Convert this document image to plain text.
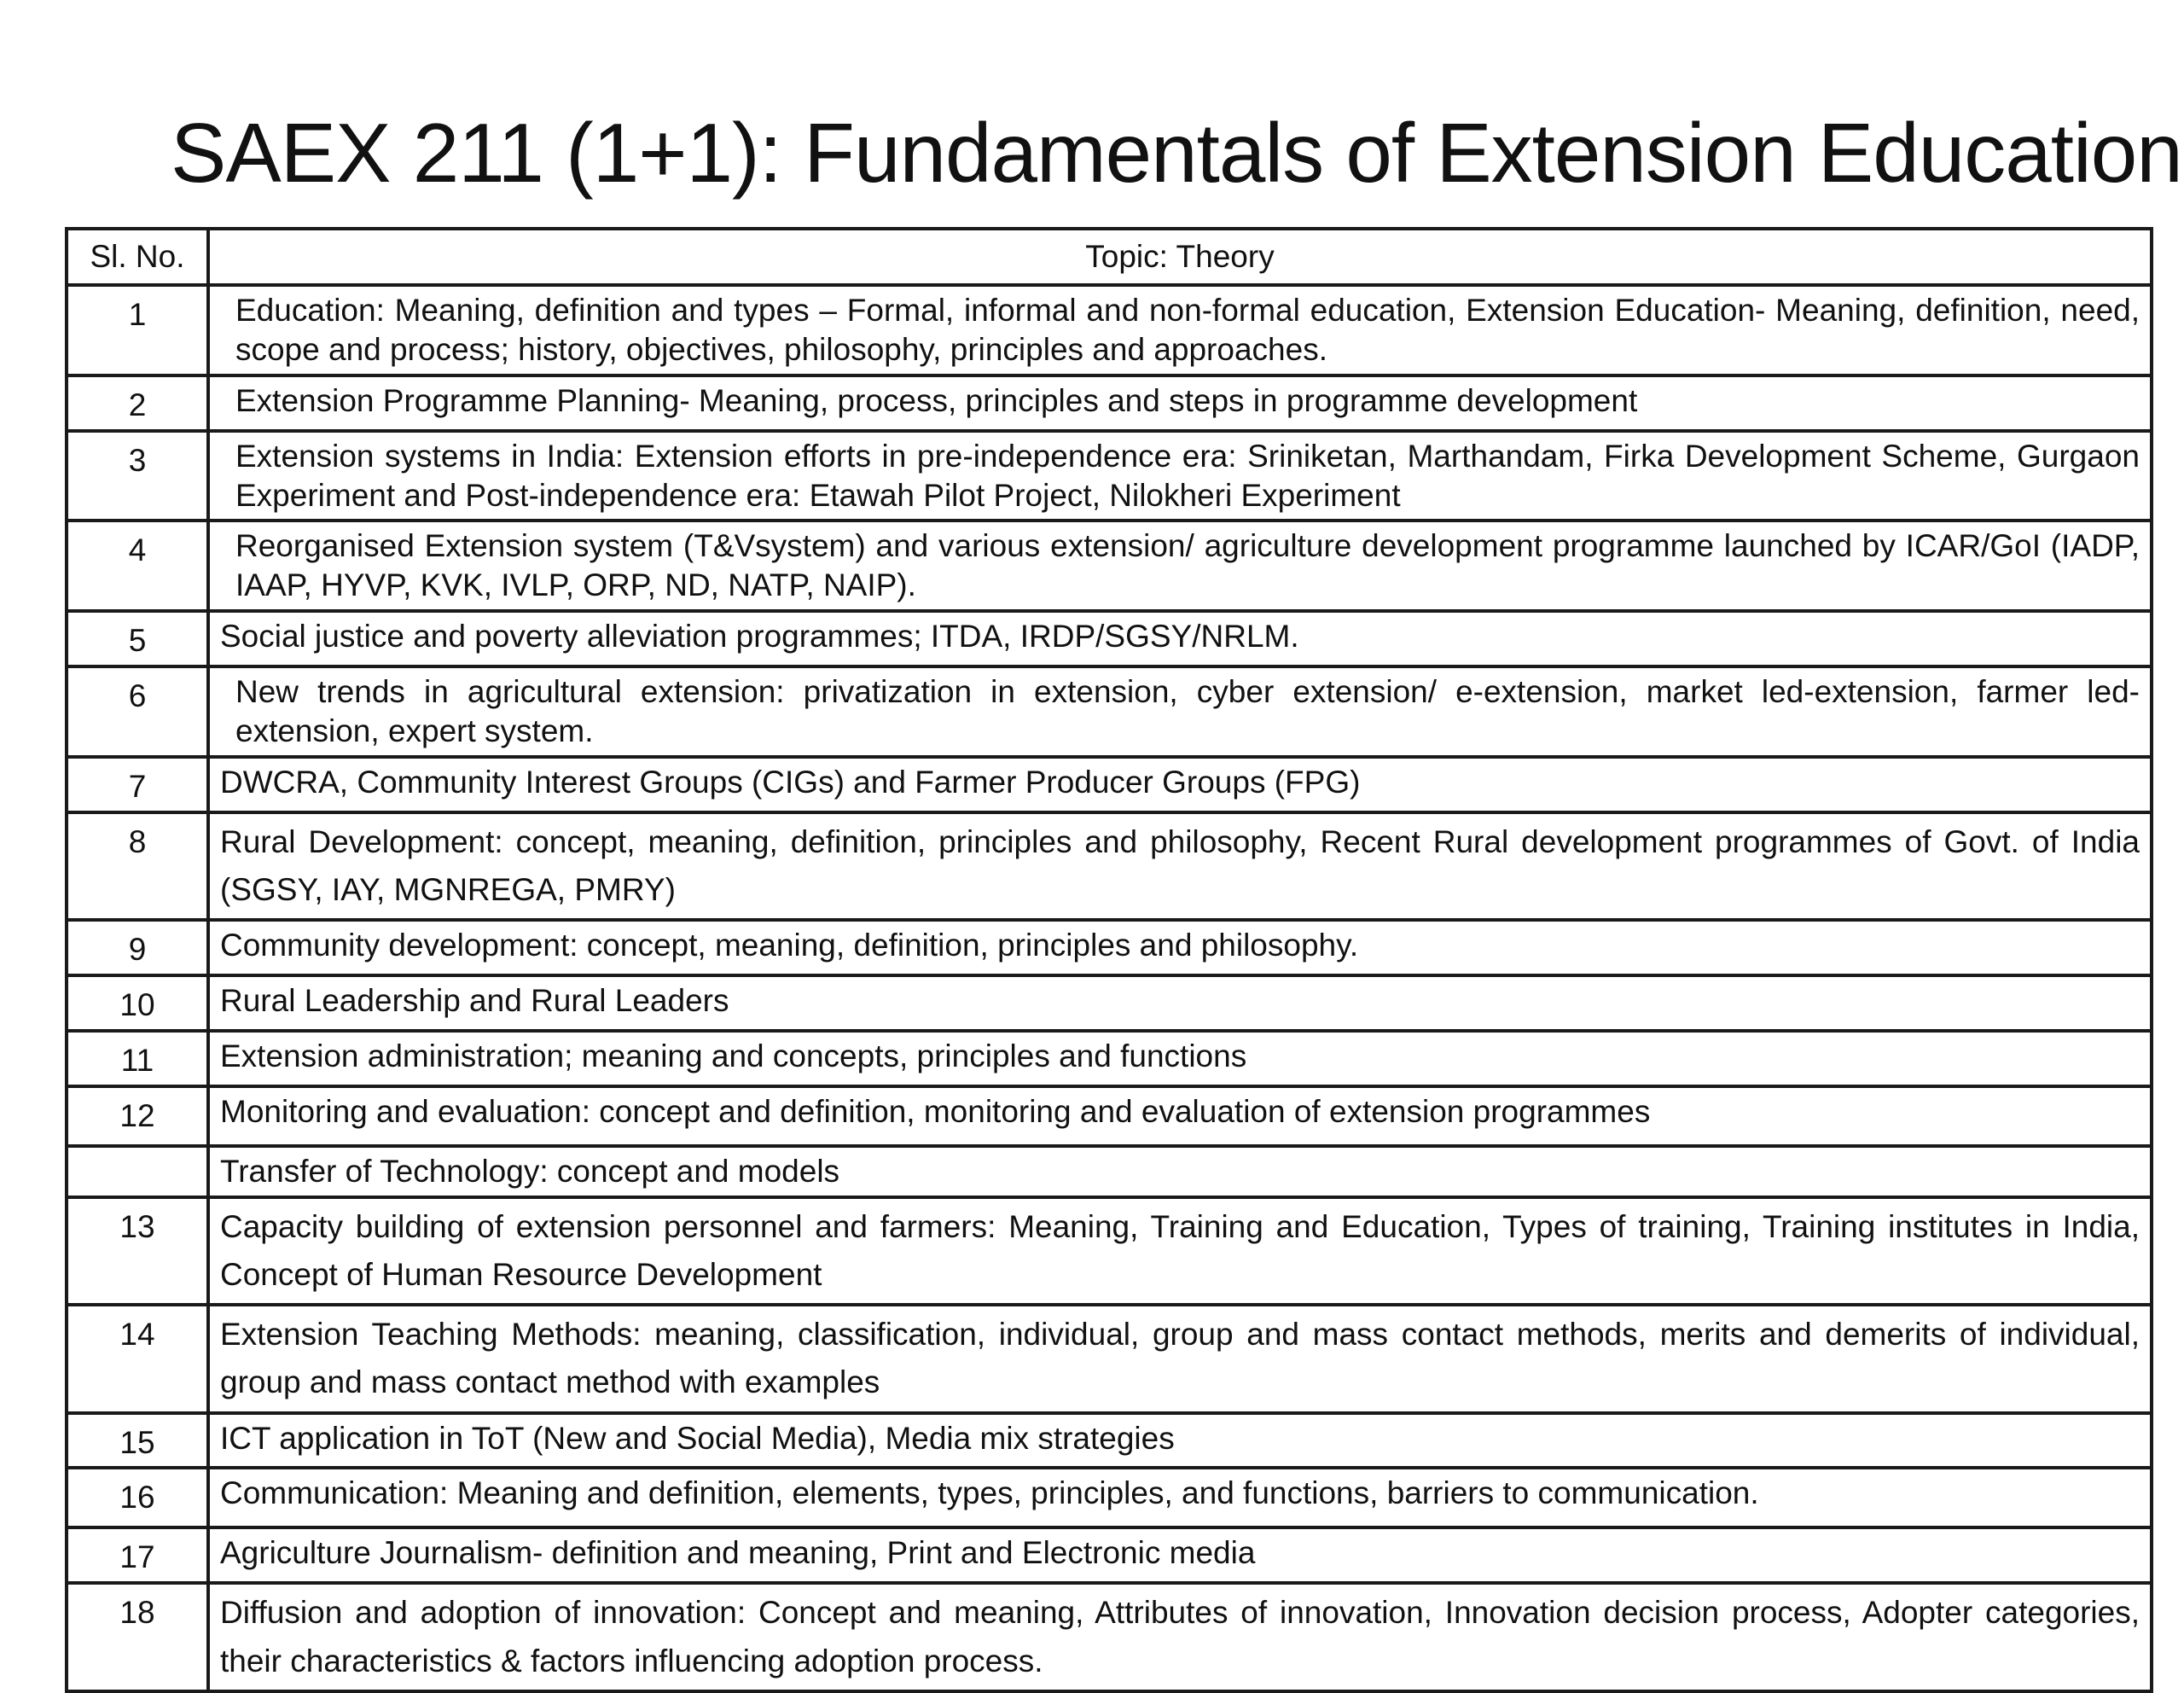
SAEX 211 (1+1): Fundamentals of Extension Education
Sl. No.	Topic: Theory
1	Education: Meaning, definition and types – Formal, informal and non-formal education, Extension Education- Meaning, definition, need, scope and process; history, objectives, philosophy, principles and approaches.
2	Extension Programme Planning- Meaning, process, principles and steps in programme development
3	Extension systems in India: Extension efforts in pre-independence era: Sriniketan, Marthandam, Firka Development Scheme, Gurgaon Experiment and Post-independence era: Etawah Pilot Project, Nilokheri Experiment
4	Reorganised Extension system (T&Vsystem) and various extension/ agriculture development programme launched by ICAR/GoI (IADP, IAAP, HYVP, KVK, IVLP, ORP, ND, NATP, NAIP).
5	Social justice and poverty alleviation programmes; ITDA, IRDP/SGSY/NRLM.
6	New trends in agricultural extension: privatization in extension, cyber extension/ e-extension, market led-extension, farmer led-extension, expert system.
7	DWCRA, Community Interest Groups (CIGs) and Farmer Producer Groups (FPG)
8	Rural Development: concept, meaning, definition, principles and philosophy, Recent Rural development programmes of Govt. of India (SGSY, IAY, MGNREGA, PMRY)
9	Community development: concept, meaning, definition, principles and philosophy.
10	Rural Leadership and Rural Leaders
11	Extension administration; meaning and concepts, principles and functions
12	Monitoring and evaluation: concept and definition, monitoring and evaluation of extension programmes
	Transfer of Technology: concept and models
13	Capacity building of extension personnel and farmers: Meaning, Training and Education, Types of training, Training institutes in India, Concept of Human Resource Development
14	Extension Teaching Methods: meaning, classification, individual, group and mass contact methods, merits and demerits of individual, group and mass contact method with examples
15	ICT application in ToT (New and Social Media), Media mix strategies
16	Communication: Meaning and definition, elements, types, principles, and functions, barriers to communication.
17	Agriculture Journalism- definition and meaning, Print and Electronic media
18	Diffusion and adoption of innovation: Concept and meaning, Attributes of innovation, Innovation decision process, Adopter categories, their characteristics & factors influencing adoption process.
